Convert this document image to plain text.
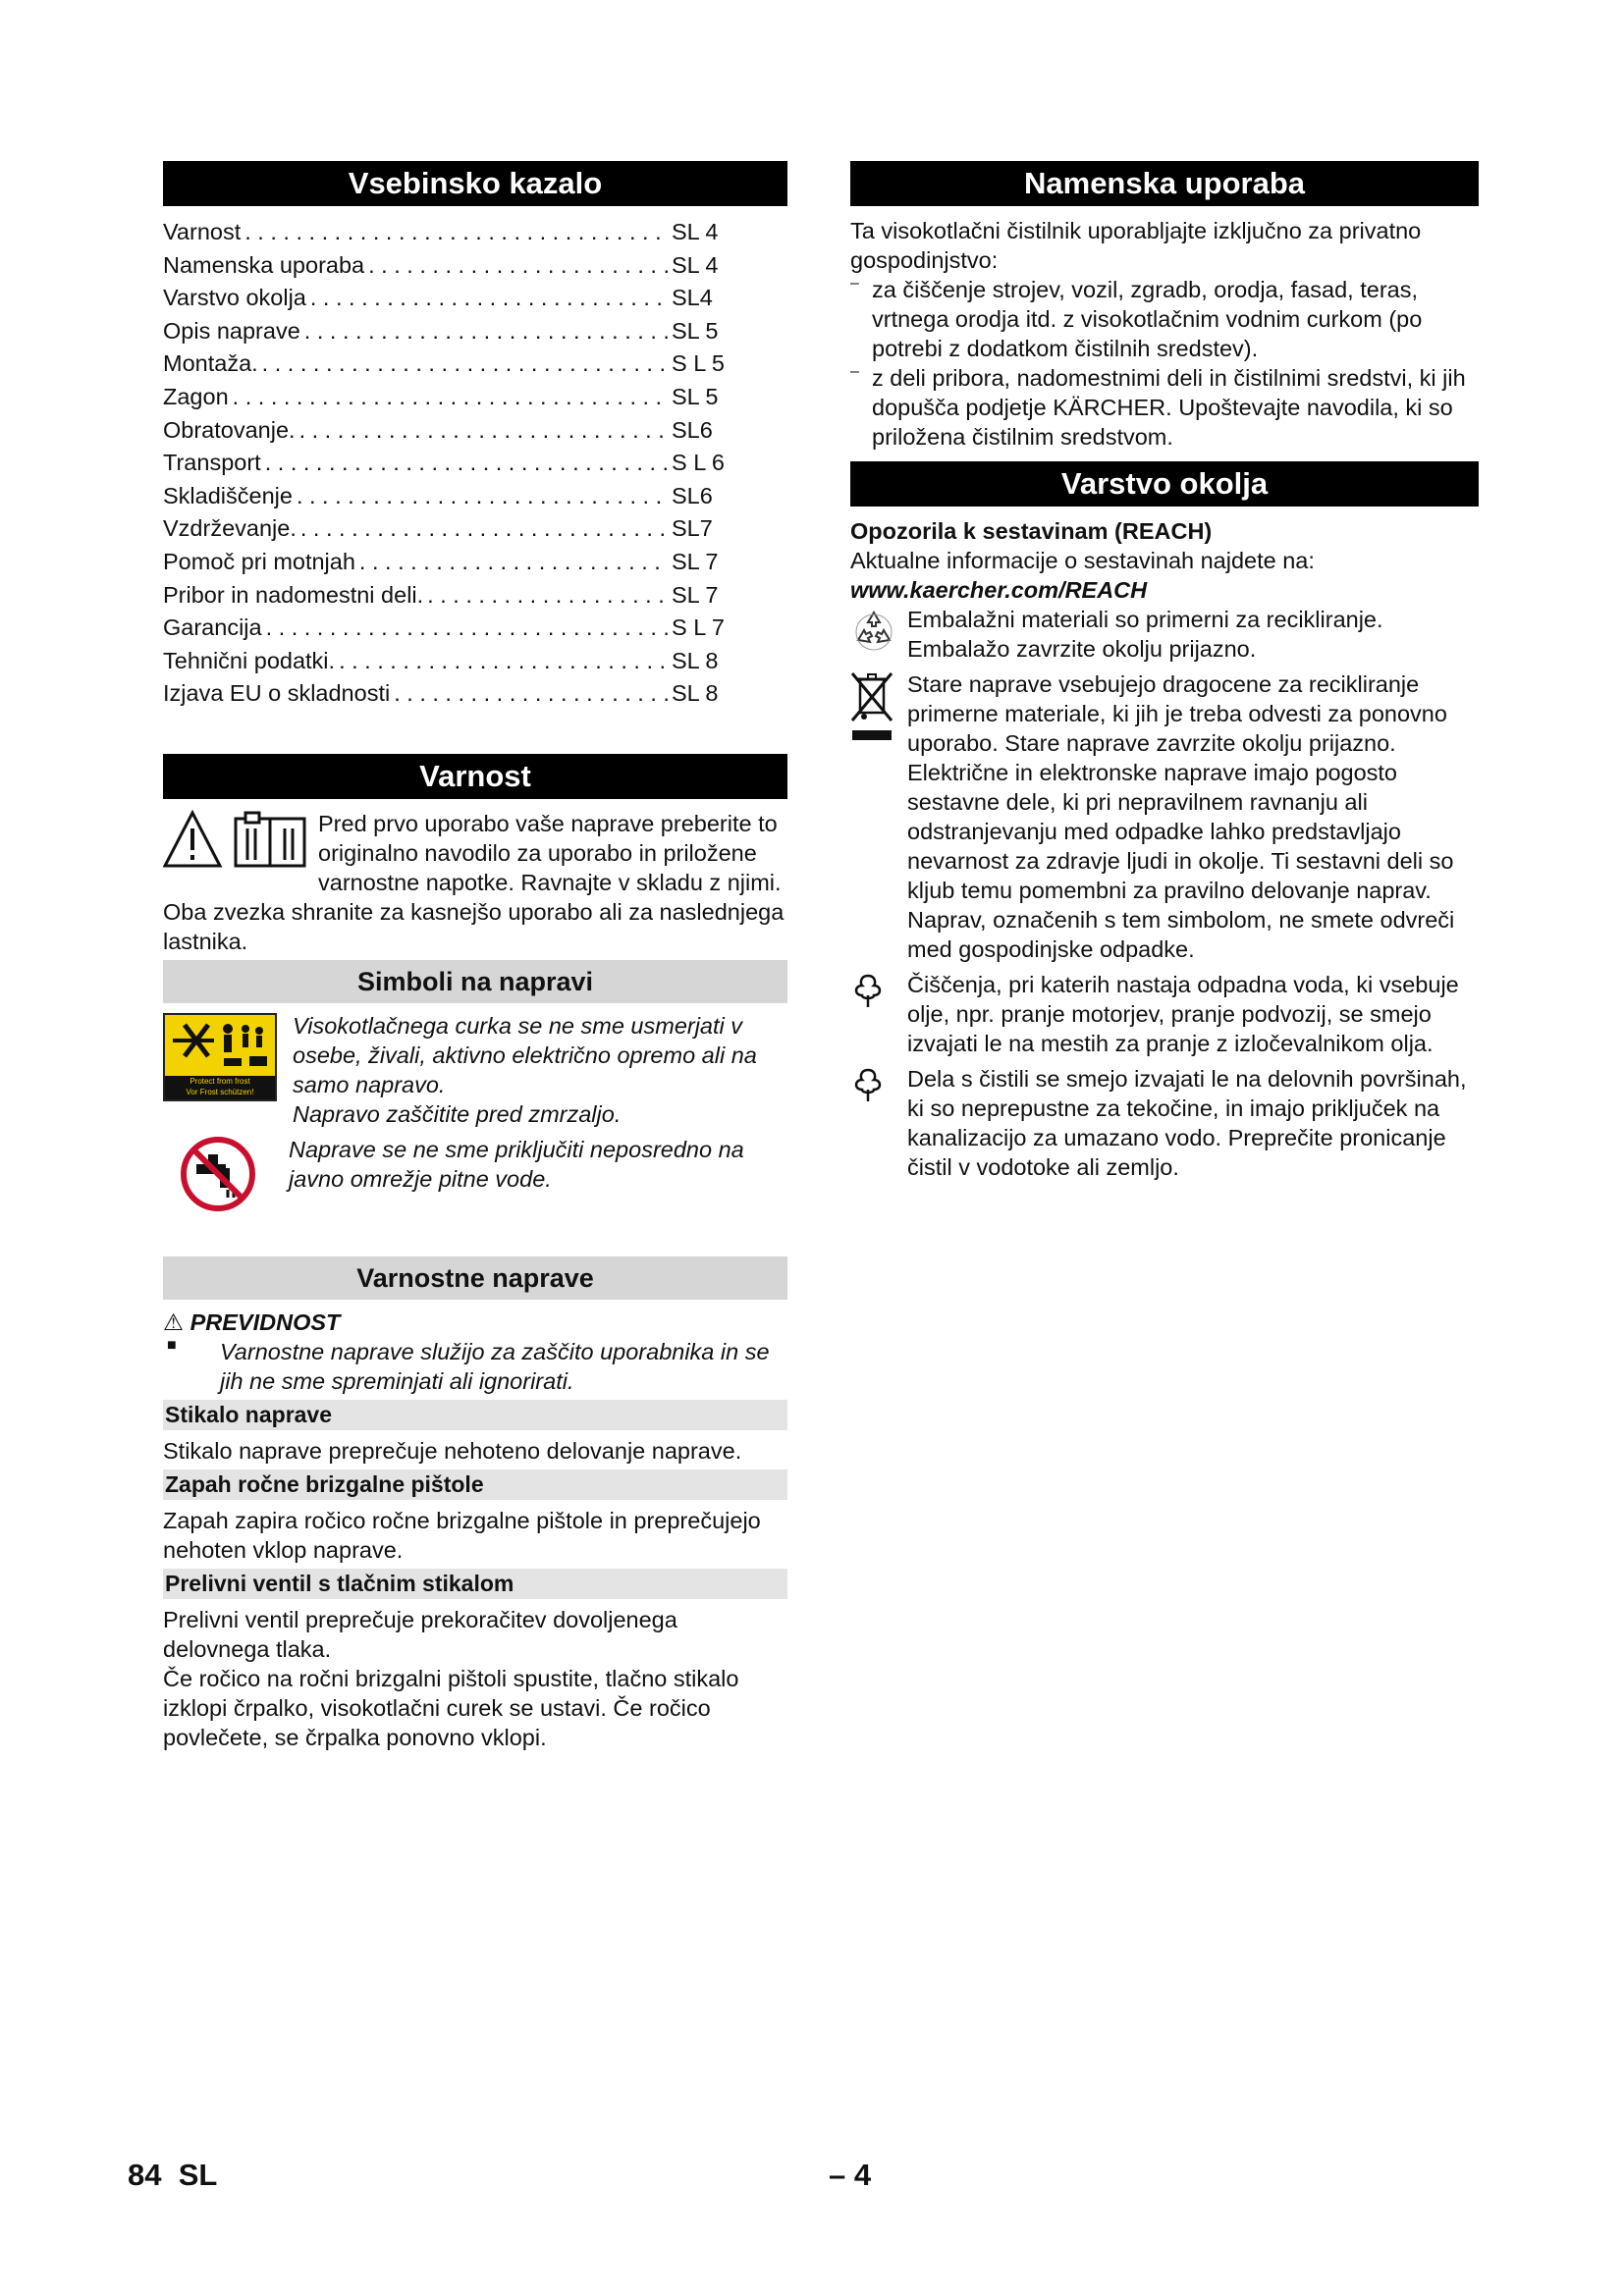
Vsebinsko kazalo
Varnost . . .	SL 4
Namenska uporaba . . .	SL 4
Varstvo okolja . . .	SL4
Opis naprave . . .	SL 5
Montaža. . . .	S L 5
Zagon . . .	SL 5
Obratovanje. . . .	SL6
Transport . . .	S L 6
Skladiščenje . . .	SL6
Vzdrževanje. . . .	SL7
Pomoč pri motnjah . . .	SL 7
Pribor in nadomestni deli. . . .	SL 7
Garancija . . .	S L 7
Tehnični podatki. . . .	SL 8
Izjava EU o skladnosti . . .	SL 8
Varnost

Pred prvo uporabo vaše naprave preberite to originalno navodilo za uporabo in priložene varnostne napotke. Ravnajte v skladu z njimi. Oba zvezka shranite za kasnejšo uporabo ali za naslednjega lastnika.

Simboli na napravi
Protect from frost
Vor Frost schützen!

Visokotlačnega curka se ne sme usmerjati v osebe, živali, aktivno električno opremo ali na samo napravo.

Napravo zaščitite pred zmrzaljo.

Naprave se ne sme priključiti neposredno na javno omrežje pitne vode.

Varnostne naprave

⚠ PREVIDNOST

■	Varnostne naprave služijo za zaščito uporabnika in se jih ne sme spreminjati ali ignorirati.

Stikalo naprave

Stikalo naprave preprečuje nehoteno delovanje naprave.

Zapah ročne brizgalne pištole

Zapah zapira ročico ročne brizgalne pištole in preprečujejo nehoten vklop naprave.

Prelivni ventil s tlačnim stikalom

Prelivni ventil preprečuje prekoračitev dovoljenega delovnega tlaka.

Če ročico na ročni brizgalni pištoli spustite, tlačno stikalo izklopi črpalko, visokotlačni curek se ustavi. Če ročico povlečete, se črpalka ponovno vklopi.

Namenska uporaba

Ta visokotlačni čistilnik uporabljajte izključno za privatno gospodinjstvo:

– za čiščenje strojev, vozil, zgradb, orodja, fasad, teras, vrtnega orodja itd. z visokotlačnim vodnim curkom (po potrebi z dodatkom čistilnih sredstev).

– z deli pribora, nadomestnimi deli in čistilnimi sredstvi, ki jih dopušča podjetje KÄRCHER. Upoštevajte navodila, ki so priložena čistilnim sredstvom.

Varstvo okolja

Opozorila k sestavinam (REACH)

Aktualne informacije o sestavinah najdete na:

www.kaercher.com/REACH

Embalažni materiali so primerni za recikliranje. Embalažo zavrzite okolju prijazno.

Stare naprave vsebujejo dragocene za recikliranje primerne materiale, ki jih je treba odvesti za ponovno uporabo. Stare naprave zavrzite okolju prijazno.

Električne in elektronske naprave imajo pogosto sestavne dele, ki pri nepravilnem ravnanju ali odstranjevanju med odpadke lahko predstavljajo nevarnost za zdravje ljudi in okolje. Ti sestavni deli so kljub temu pomembni za pravilno delovanje naprav. Naprav, označenih s tem simbolom, ne smete odvreči med gospodinjske odpadke.

Čiščenja, pri katerih nastaja odpadna voda, ki vsebuje olje, npr. pranje motorjev, pranje podvozij, se smejo izvajati le na mestih za pranje z izločevalnikom olja.

Dela s čistili se smejo izvajati le na delovnih površinah, ki so neprepustne za tekočine, in imajo priključek na kanalizacijo za umazano vodo. Preprečite pronicanje čistil v vodotoke ali zemljo.

84 SL	– 4
